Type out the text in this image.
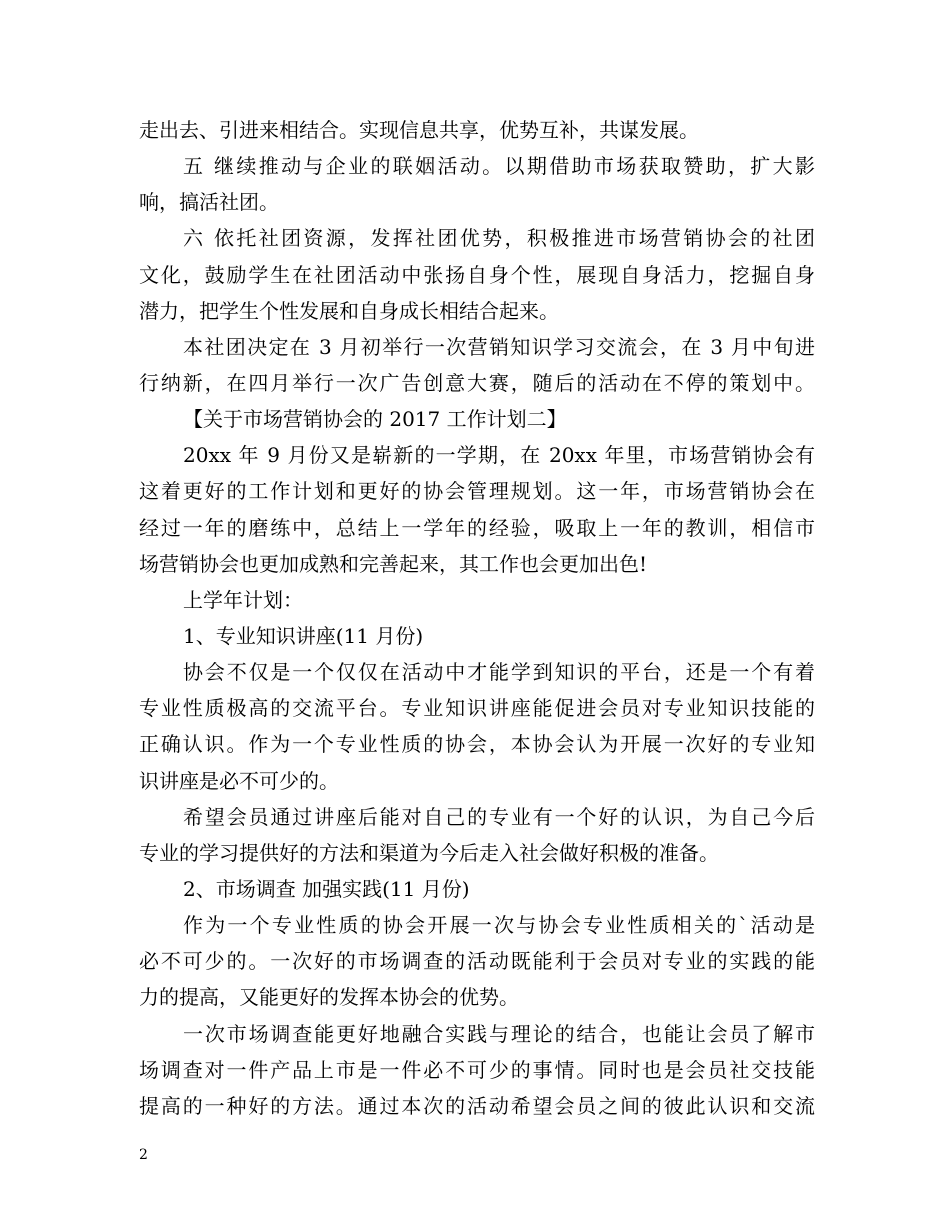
走出去、引进来相结合。实现信息共享，优势互补，共谋发展。
五 继续推动与企业的联姻活动。以期借助市场获取赞助，扩大影
响，搞活社团。
六 依托社团资源，发挥社团优势，积极推进市场营销协会的社团
文化，鼓励学生在社团活动中张扬自身个性，展现自身活力，挖掘自身
潜力，把学生个性发展和自身成长相结合起来。
本社团决定在 3 月初举行一次营销知识学习交流会，在 3 月中旬进
行纳新，在四月举行一次广告创意大赛，随后的活动在不停的策划中。
【关于市场营销协会的 2017 工作计划二】
20xx 年 9 月份又是崭新的一学期，在 20xx 年里，市场营销协会有
这着更好的工作计划和更好的协会管理规划。这一年，市场营销协会在
经过一年的磨练中，总结上一学年的经验，吸取上一年的教训，相信市
场营销协会也更加成熟和完善起来，其工作也会更加出色!
上学年计划：
1、专业知识讲座(11 月份)
协会不仅是一个仅仅在活动中才能学到知识的平台，还是一个有着
专业性质极高的交流平台。专业知识讲座能促进会员对专业知识技能的
正确认识。作为一个专业性质的协会，本协会认为开展一次好的专业知
识讲座是必不可少的。
希望会员通过讲座后能对自己的专业有一个好的认识，为自己今后
专业的学习提供好的方法和渠道为今后走入社会做好积极的准备。
2、市场调查 加强实践(11 月份)
作为一个专业性质的协会开展一次与协会专业性质相关的`活动是
必不可少的。一次好的市场调查的活动既能利于会员对专业的实践的能
力的提高，又能更好的发挥本协会的优势。
一次市场调查能更好地融合实践与理论的结合，也能让会员了解市
场调查对一件产品上市是一件必不可少的事情。同时也是会员社交技能
提高的一种好的方法。通过本次的活动希望会员之间的彼此认识和交流
2
